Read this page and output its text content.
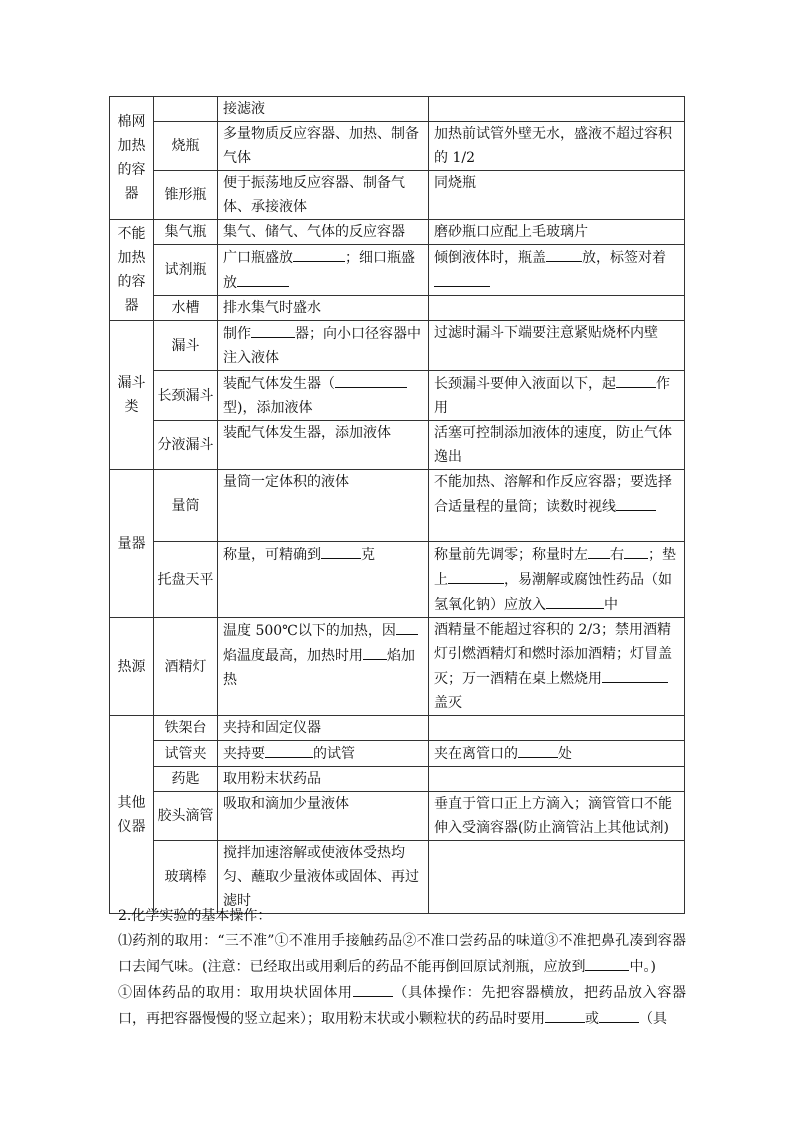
棉网加热的容器		接滤液	
	烧瓶	多量物质反应容器、加热、制备气体	加热前试管外壁无水，盛液不超过容积的 1/2
	锥形瓶	便于振荡地反应容器、制备气体、承接液体	同烧瓶
不能加热的容器	集气瓶	集气、储气、气体的反应容器	磨砂瓶口应配上毛玻璃片
	试剂瓶	广口瓶盛放 ；细口瓶盛放	倾倒液体时，瓶盖 放，标签对着
	水槽	排水集气时盛水	
漏斗类	漏斗	制作 器；向小口径容器中注入液体	过滤时漏斗下端要注意紧贴烧杯内壁
	长颈漏斗	装配气体发生器（型)，添加液体	长颈漏斗要伸入液面以下，起 作用
	分液漏斗	装配气体发生器，添加液体	活塞可控制添加液体的速度，防止气体逸出
量器	量筒	量筒一定体积的液体	不能加热、溶解和作反应容器；要选择合适量程的量筒；读数时视线
	托盘天平	称量，可精确到 克	称量前先调零；称量时左 右 ；垫上 ，易潮解或腐蚀性药品（如氢氧化钠）应放入 中
热源	酒精灯	温度 500℃以下的加热，因焰温度最高，加热时用 焰加热	酒精量不能超过容积的 2/3；禁用酒精灯引燃酒精灯和燃时添加酒精；灯冒盖灭；万一酒精在桌上燃烧用盖灭
其他仪器	铁架台	夹持和固定仪器	
	试管夹	夹持要 的试管	夹在离管口的 处
	药匙	取用粉末状药品	
	胶头滴管	吸取和滴加少量液体	垂直于管口正上方滴入；滴管管口不能伸入受滴容器(防止滴管沾上其他试剂)
	玻璃棒	搅拌加速溶解或使液体受热均匀、蘸取少量液体或固体、再过滤时	

2.化学实验的基本操作：

⑴药剂的取用：“三不准”①不准用手接触药品②不准口尝药品的味道③不准把鼻孔凑到容器口去闻气味。(注意：已经取出或用剩后的药品不能再倒回原试剂瓶，应放到	中。)

①固体药品的取用：取用块状固体用	（具体操作：先把容器横放，把药品放入容器口，再把容器慢慢的竖立起来）；取用粉末状或小颗粒状的药品时要用	或	（具
